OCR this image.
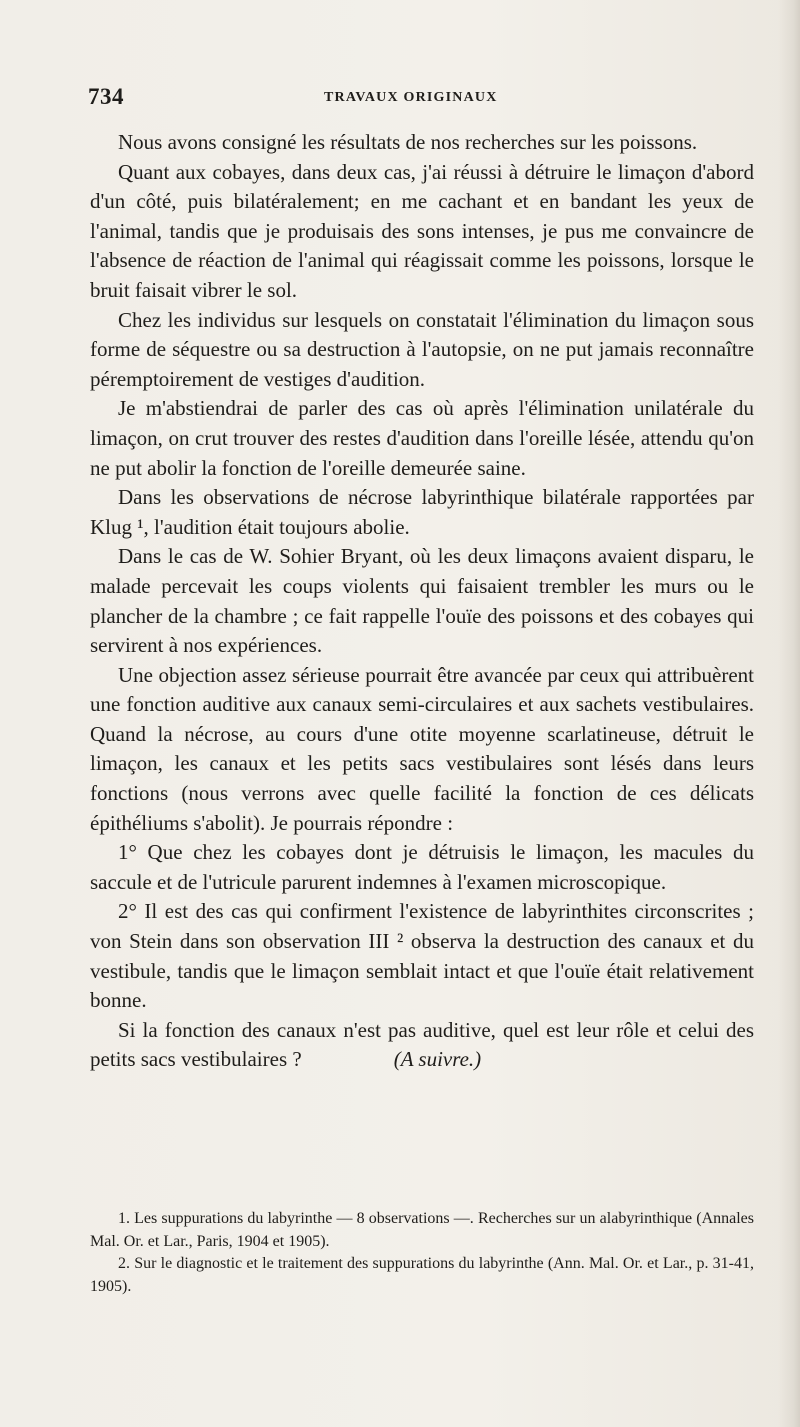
734	TRAVAUX ORIGINAUX

Nous avons consigné les résultats de nos recherches sur les poissons.

Quant aux cobayes, dans deux cas, j'ai réussi à détruire le limaçon d'abord d'un côté, puis bilatéralement; en me cachant et en bandant les yeux de l'animal, tandis que je produisais des sons intenses, je pus me convaincre de l'absence de réaction de l'animal qui réagissait comme les poissons, lorsque le bruit faisait vibrer le sol.

Chez les individus sur lesquels on constatait l'élimination du limaçon sous forme de séquestre ou sa destruction à l'autopsie, on ne put jamais reconnaître péremptoirement de vestiges d'audition.

Je m'abstiendrai de parler des cas où après l'élimination unilatérale du limaçon, on crut trouver des restes d'audition dans l'oreille lésée, attendu qu'on ne put abolir la fonction de l'oreille demeurée saine.

Dans les observations de nécrose labyrinthique bilatérale rapportées par Klug ¹, l'audition était toujours abolie.

Dans le cas de W. Sohier Bryant, où les deux limaçons avaient disparu, le malade percevait les coups violents qui faisaient trembler les murs ou le plancher de la chambre ; ce fait rappelle l'ouïe des poissons et des cobayes qui servirent à nos expériences.

Une objection assez sérieuse pourrait être avancée par ceux qui attribuèrent une fonction auditive aux canaux semi-circulaires et aux sachets vestibulaires. Quand la nécrose, au cours d'une otite moyenne scarlatineuse, détruit le limaçon, les canaux et les petits sacs vestibulaires sont lésés dans leurs fonctions (nous verrons avec quelle facilité la fonction de ces délicats épithéliums s'abolit). Je pourrais répondre :

1° Que chez les cobayes dont je détruisis le limaçon, les macules du saccule et de l'utricule parurent indemnes à l'examen microscopique.

2° Il est des cas qui confirment l'existence de labyrinthites circonscrites ; von Stein dans son observation III ² observa la destruction des canaux et du vestibule, tandis que le limaçon semblait intact et que l'ouïe était relativement bonne.

Si la fonction des canaux n'est pas auditive, quel est leur rôle et celui des petits sacs vestibulaires ?	(A suivre.)

1. Les suppurations du labyrinthe — 8 observations —. Recherches sur un alabyrinthique (Annales Mal. Or. et Lar., Paris, 1904 et 1905).

2. Sur le diagnostic et le traitement des suppurations du labyrinthe (Ann. Mal. Or. et Lar., p. 31-41, 1905).
